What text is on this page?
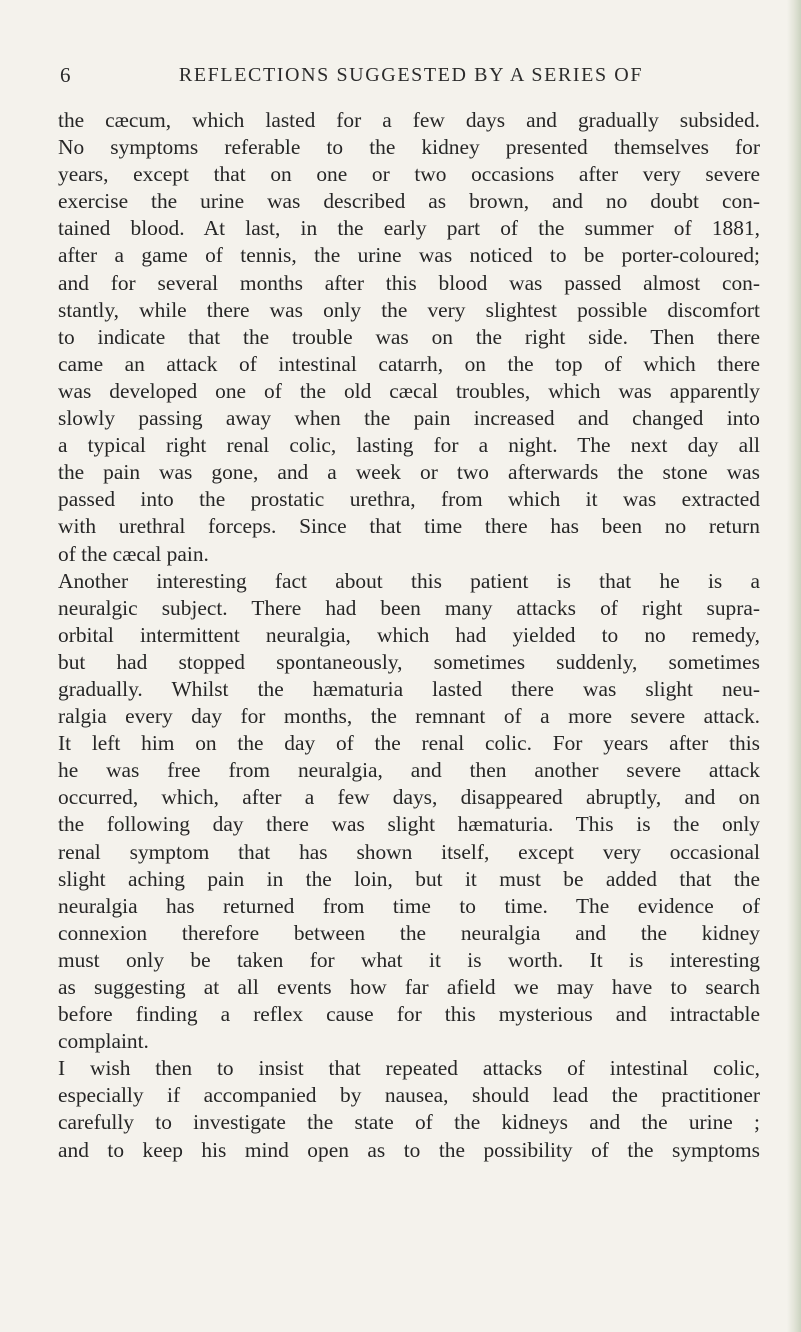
6	REFLECTIONS SUGGESTED BY A SERIES OF
the cæcum, which lasted for a few days and gradually subsided.
No symptoms referable to the kidney presented themselves for
years, except that on one or two occasions after very severe
exercise the urine was described as brown, and no doubt con-
tained blood. At last, in the early part of the summer of 1881,
after a game of tennis, the urine was noticed to be porter-coloured;
and for several months after this blood was passed almost con-
stantly, while there was only the very slightest possible discomfort
to indicate that the trouble was on the right side. Then there
came an attack of intestinal catarrh, on the top of which there
was developed one of the old cæcal troubles, which was apparently
slowly passing away when the pain increased and changed into
a typical right renal colic, lasting for a night. The next day all
the pain was gone, and a week or two afterwards the stone was
passed into the prostatic urethra, from which it was extracted
with urethral forceps. Since that time there has been no return
of the cæcal pain.
Another interesting fact about this patient is that he is a
neuralgic subject. There had been many attacks of right supra-
orbital intermittent neuralgia, which had yielded to no remedy,
but had stopped spontaneously, sometimes suddenly, sometimes
gradually. Whilst the hæmaturia lasted there was slight neu-
ralgia every day for months, the remnant of a more severe attack.
It left him on the day of the renal colic. For years after this
he was free from neuralgia, and then another severe attack
occurred, which, after a few days, disappeared abruptly, and on
the following day there was slight hæmaturia. This is the only
renal symptom that has shown itself, except very occasional
slight aching pain in the loin, but it must be added that the
neuralgia has returned from time to time. The evidence of
connexion therefore between the neuralgia and the kidney
must only be taken for what it is worth. It is interesting
as suggesting at all events how far afield we may have to search
before finding a reflex cause for this mysterious and intractable
complaint.
I wish then to insist that repeated attacks of intestinal colic,
especially if accompanied by nausea, should lead the practitioner
carefully to investigate the state of the kidneys and the urine ;
and to keep his mind open as to the possibility of the symptoms
